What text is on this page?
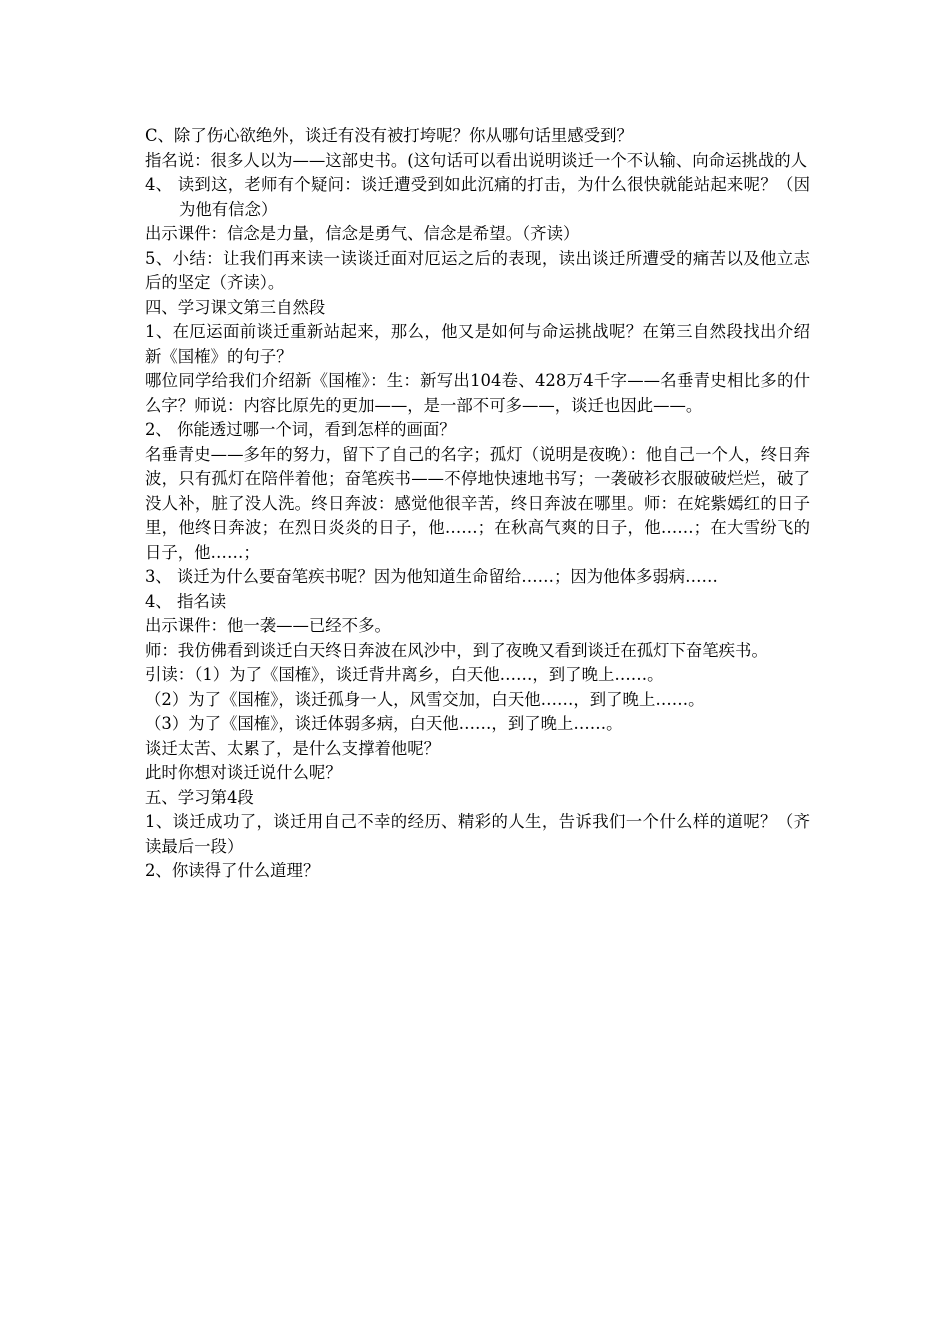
C、除了伤心欲绝外，谈迁有没有被打垮呢？你从哪句话里感受到？

指名说：很多人以为——这部史书。(这句话可以看出说明谈迁一个不认输、向命运挑战的人

4、 读到这，老师有个疑问：谈迁遭受到如此沉痛的打击，为什么很快就能站起来呢？（因为他有信念）

出示课件：信念是力量，信念是勇气、信念是希望。（齐读）

5、小结：让我们再来读一读谈迁面对厄运之后的表现，读出谈迁所遭受的痛苦以及他立志后的坚定（齐读）。

四、学习课文第三自然段

1、在厄运面前谈迁重新站起来，那么，他又是如何与命运挑战呢？在第三自然段找出介绍新《国榷》的句子？

哪位同学给我们介绍新《国榷》：生：新写出104卷、428万4千字——名垂青史相比多的什么字？师说：内容比原先的更加——，是一部不可多——，谈迁也因此——。

2、 你能透过哪一个词，看到怎样的画面？

名垂青史——多年的努力，留下了自己的名字；孤灯（说明是夜晚）：他自己一个人，终日奔波，只有孤灯在陪伴着他；奋笔疾书——不停地快速地书写；一袭破衫衣服破破烂烂，破了没人补，脏了没人洗。终日奔波：感觉他很辛苦，终日奔波在哪里。师：在姹紫嫣红的日子里，他终日奔波；在烈日炎炎的日子，他……；在秋高气爽的日子，他……；在大雪纷飞的日子，他……；

3、 谈迁为什么要奋笔疾书呢？因为他知道生命留给……；因为他体多弱病……

4、 指名读

出示课件：他一袭——已经不多。

师：我仿佛看到谈迁白天终日奔波在风沙中，到了夜晚又看到谈迁在孤灯下奋笔疾书。

引读：（1）为了《国榷》，谈迁背井离乡，白天他……，到了晚上……。

（2）为了《国榷》，谈迁孤身一人，风雪交加，白天他……，到了晚上……。

（3）为了《国榷》，谈迁体弱多病，白天他……，到了晚上……。

谈迁太苦、太累了，是什么支撑着他呢？

此时你想对谈迁说什么呢？

五、学习第4段

1、谈迁成功了，谈迁用自己不幸的经历、精彩的人生，告诉我们一个什么样的道呢？（齐读最后一段）

2、你读得了什么道理？
